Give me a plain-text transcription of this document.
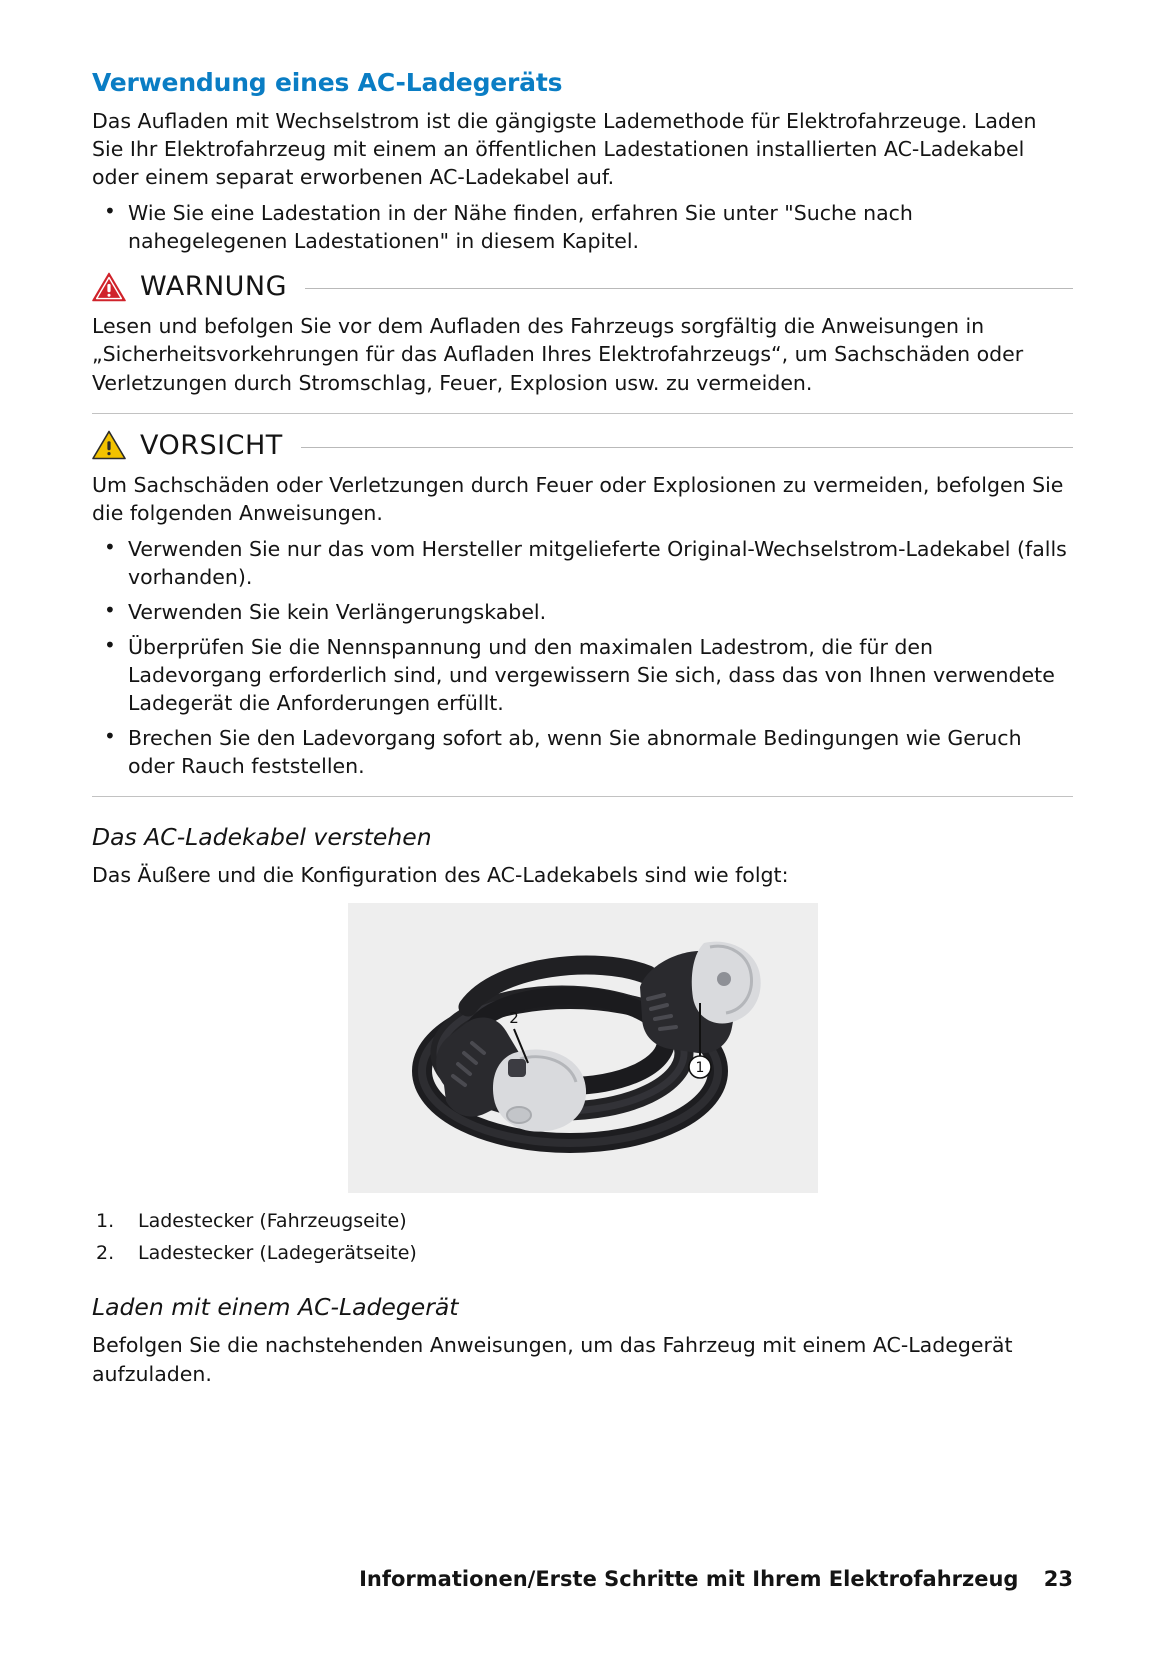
Verwendung eines AC-Ladegeräts

Das Aufladen mit Wechselstrom ist die gängigste Lademethode für Elektrofahrzeuge. Laden Sie Ihr Elektrofahrzeug mit einem an öffentlichen Ladestationen installierten AC-Ladekabel oder einem separat erworbenen AC-Ladekabel auf.

• Wie Sie eine Ladestation in der Nähe finden, erfahren Sie unter "Suche nach nahegelegenen Ladestationen" in diesem Kapitel.
WARNUNG

Lesen und befolgen Sie vor dem Aufladen des Fahrzeugs sorgfältig die Anweisungen in „Sicherheitsvorkehrungen für das Aufladen Ihres Elektrofahrzeugs“, um Sachschäden oder Verletzungen durch Stromschlag, Feuer, Explosion usw. zu vermeiden.

VORSICHT

Um Sachschäden oder Verletzungen durch Feuer oder Explosionen zu vermeiden, befolgen Sie die folgenden Anweisungen.

• Verwenden Sie nur das vom Hersteller mitgelieferte Original-Wechselstrom-Ladekabel (falls vorhanden).
• Verwenden Sie kein Verlängerungskabel.
• Überprüfen Sie die Nennspannung und den maximalen Ladestrom, die für den Ladevorgang erforderlich sind, und vergewissern Sie sich, dass das von Ihnen verwendete Ladegerät die Anforderungen erfüllt.
• Brechen Sie den Ladevorgang sofort ab, wenn Sie abnormale Bedingungen wie Geruch oder Rauch feststellen.
Das AC-Ladekabel verstehen

Das Äußere und die Konfiguration des AC-Ladekabels sind wie folgt:

1
2
1.	Ladestecker (Fahrzeugseite)
2.	Ladestecker (Ladegerätseite)
Laden mit einem AC-Ladegerät

Befolgen Sie die nachstehenden Anweisungen, um das Fahrzeug mit einem AC-Ladegerät aufzuladen.

Informationen/Erste Schritte mit Ihrem Elektrofahrzeug 23
